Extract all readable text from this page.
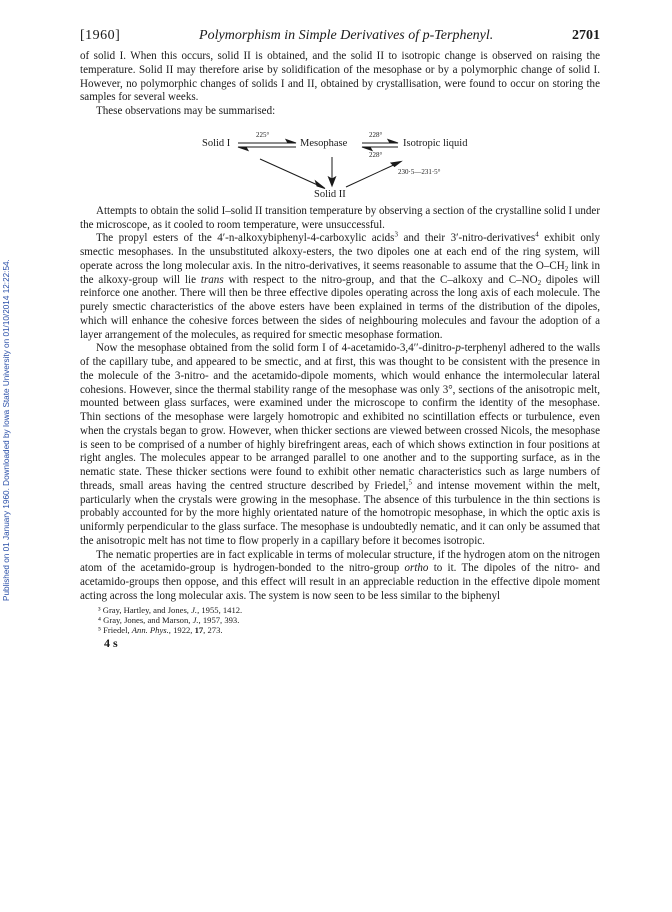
Published on 01 January 1960. Downloaded by Iowa State University on 01/10/2014 12:22:54.
[1960]	Polymorphism in Simple Derivatives of p-Terphenyl.	2701

of solid I. When this occurs, solid II is obtained, and the solid II to isotropic change is observed on raising the temperature. Solid II may therefore arise by solidification of the mesophase or by a polymorphic change of solid I. However, no polymorphic changes of solids I and II, obtained by crystallisation, were found to occur on storing the samples for several weeks.

These observations may be summarised:

Solid I	Mesophase	Isotropic liquid
Solid II
225°	228°
228°
230·5—231·5°

Attempts to obtain the solid I–solid II transition temperature by observing a section of the crystalline solid I under the microscope, as it cooled to room temperature, were unsuccessful.

The propyl esters of the 4′-n-alkoxybiphenyl-4-carboxylic acids$^3$ and their 3′-nitro-derivatives$^4$ exhibit only smectic mesophases. In the unsubstituted alkoxy-esters, the two dipoles one at each end of the ring system, will operate across the long molecular axis. In the nitro-derivatives, it seems reasonable to assume that the $O-CH_2$ link in the alkoxy-group will lie trans with respect to the nitro-group, and that the C–alkoxy and $C-NO_2$ dipoles will reinforce one another. There will then be three effective dipoles operating across the long axis of each molecule. The purely smectic characteristics of the above esters have been explained in terms of the distribution of the dipoles, which will enhance the cohesive forces between the sides of neighbouring molecules and favour the adoption of a layer arrangement of the molecules, as required for smectic mesophase formation.

Now the mesophase obtained from the solid form I of 4-acetamido-3,4′′-dinitro-p-terphenyl adhered to the walls of the capillary tube, and appeared to be smectic, and at first, this was thought to be consistent with the presence in the molecule of the 3-nitro- and the acetamido-dipole moments, which would enhance the intermolecular lateral cohesions. However, since the thermal stability range of the mesophase was only 3°, sections of the anisotropic melt, mounted between glass surfaces, were examined under the microscope to confirm the identity of the mesophase. Thin sections of the mesophase were largely homotropic and exhibited no scintillation effects or turbulence, even when the crystals began to grow. However, when thicker sections are viewed between crossed Nicols, the mesophase is seen to be comprised of a number of highly birefringent areas, each of which shows extinction in four positions at right angles. The molecules appear to be arranged parallel to one another and to the supporting surface, as in the nematic state. These thicker sections were found to exhibit other nematic characteristics such as large numbers of threads, small areas having the centred structure described by Friedel,$^5$ and intense movement within the melt, particularly when the crystals were growing in the mesophase. The absence of this turbulence in the thin sections is probably accounted for by the more highly orientated nature of the homotropic mesophase, in which the optic axis is uniformly perpendicular to the glass surface. The mesophase is undoubtedly nematic, and it can only be assumed that the anisotropic melt has not time to flow properly in a capillary before it becomes isotropic.

The nematic properties are in fact explicable in terms of molecular structure, if the hydrogen atom on the nitrogen atom of the acetamido-group is hydrogen-bonded to the nitro-group ortho to it. The dipoles of the nitro- and acetamido-groups then oppose, and this effect will result in an appreciable reduction in the effective dipole moment acting across the long molecular axis. The system is now seen to be less similar to the biphenyl

³ Gray, Hartley, and Jones, J., 1955, 1412.
⁴ Gray, Jones, and Marson, J., 1957, 393.
⁵ Friedel, Ann. Phys., 1922, 17, 273.
4 s
